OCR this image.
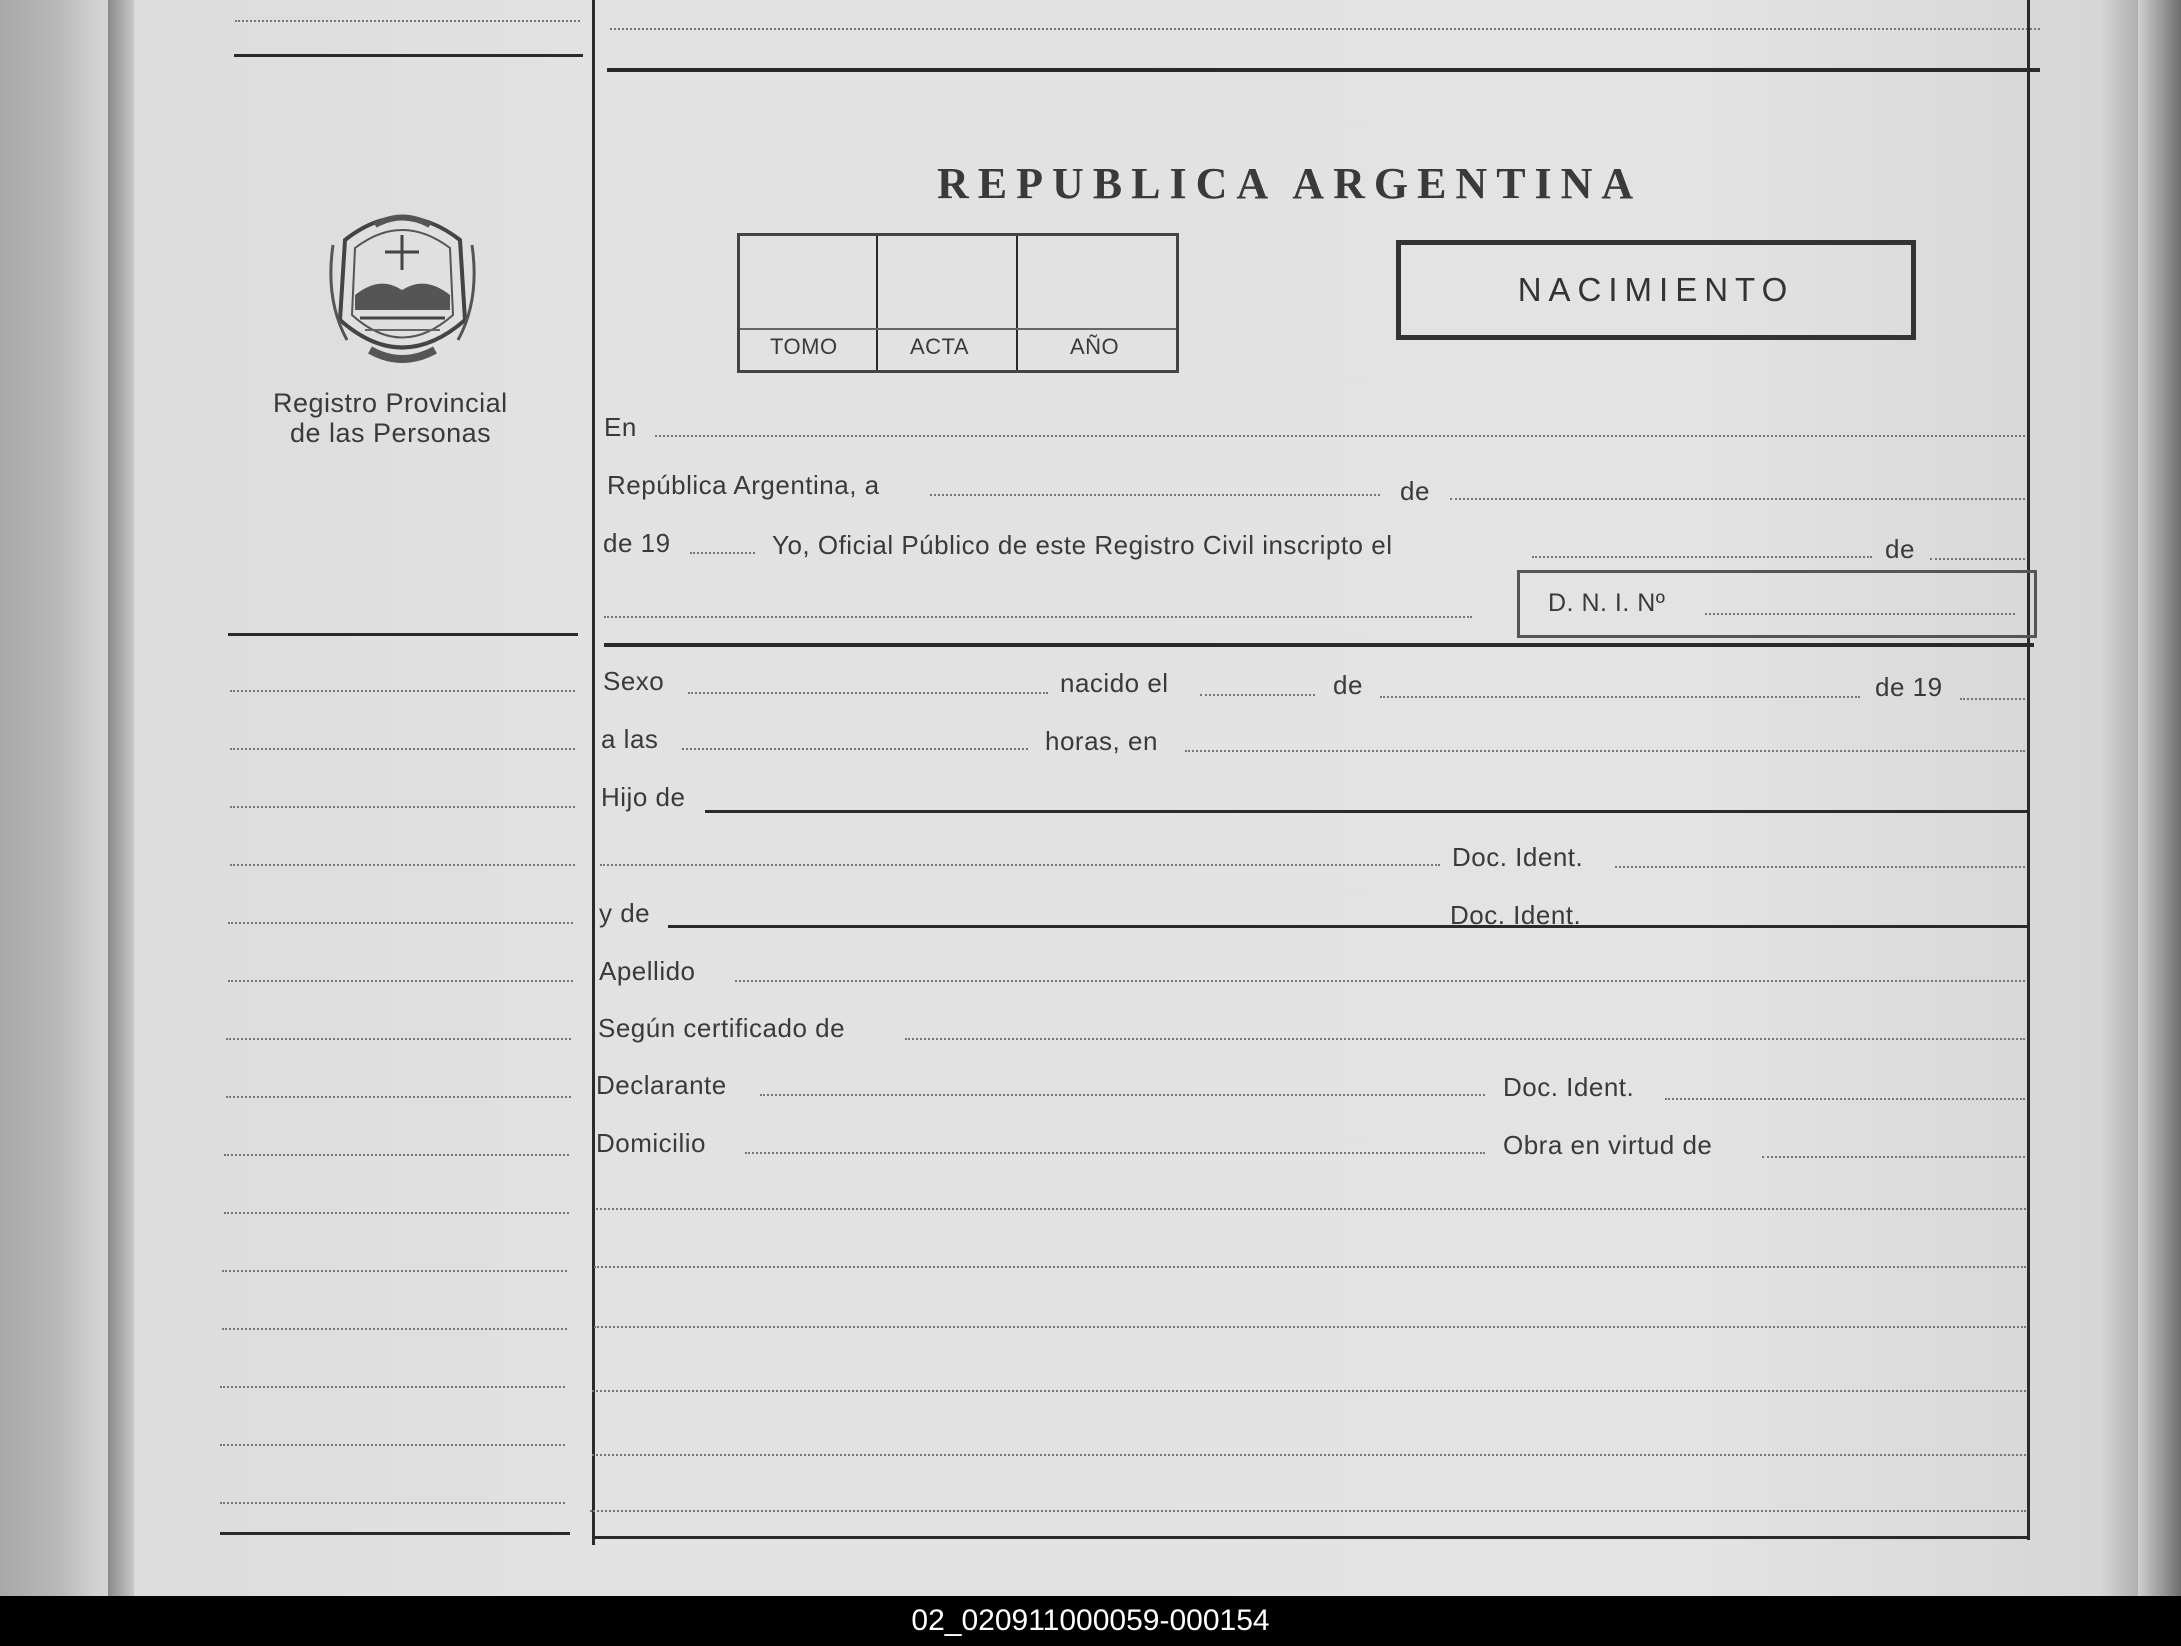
REPUBLICA ARGENTINA
TOMO	ACTA	AÑO
NACIMIENTO
Registro Provincial
de las Personas	En
República Argentina, a	de
de 19	Yo, Oficial Público de este Registro Civil inscripto el	de
D. N. I. Nº
Sexo	nacido el	de	de 19
a las	horas, en
Hijo de
Doc. Ident.
y de	Doc. Ident.
Apellido
Según certificado de
Declarante	Doc. Ident.
Domicilio	Obra en virtud de
02_020911000059-000154
